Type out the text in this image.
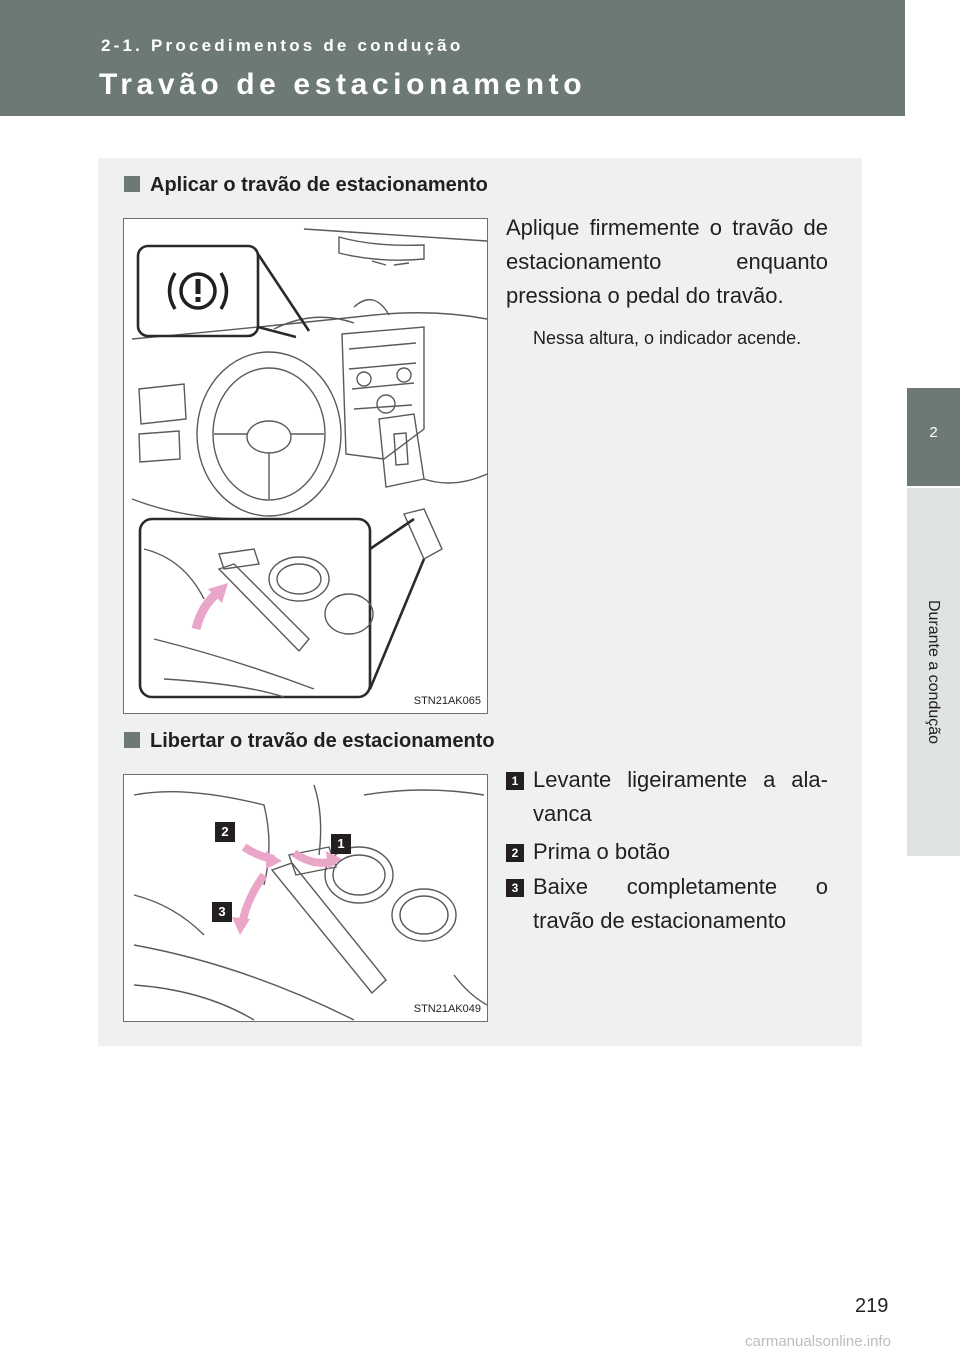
2-1. Procedimentos de condução
Travão de estacionamento
2
Durante a condução
Aplicar o travão de estacionamento
STN21AK065
Aplique firmemente o travão de estacionamento enquanto pressiona o pedal do travão.
Nessa altura, o indicador acende.
Libertar o travão de estacionamento
2
1
3
STN21AK049
1 Levante ligeiramente a ala-vanca
2 Prima o botão
3 Baixe completamente o travão de estacionamento
219
carmanualsonline.info
